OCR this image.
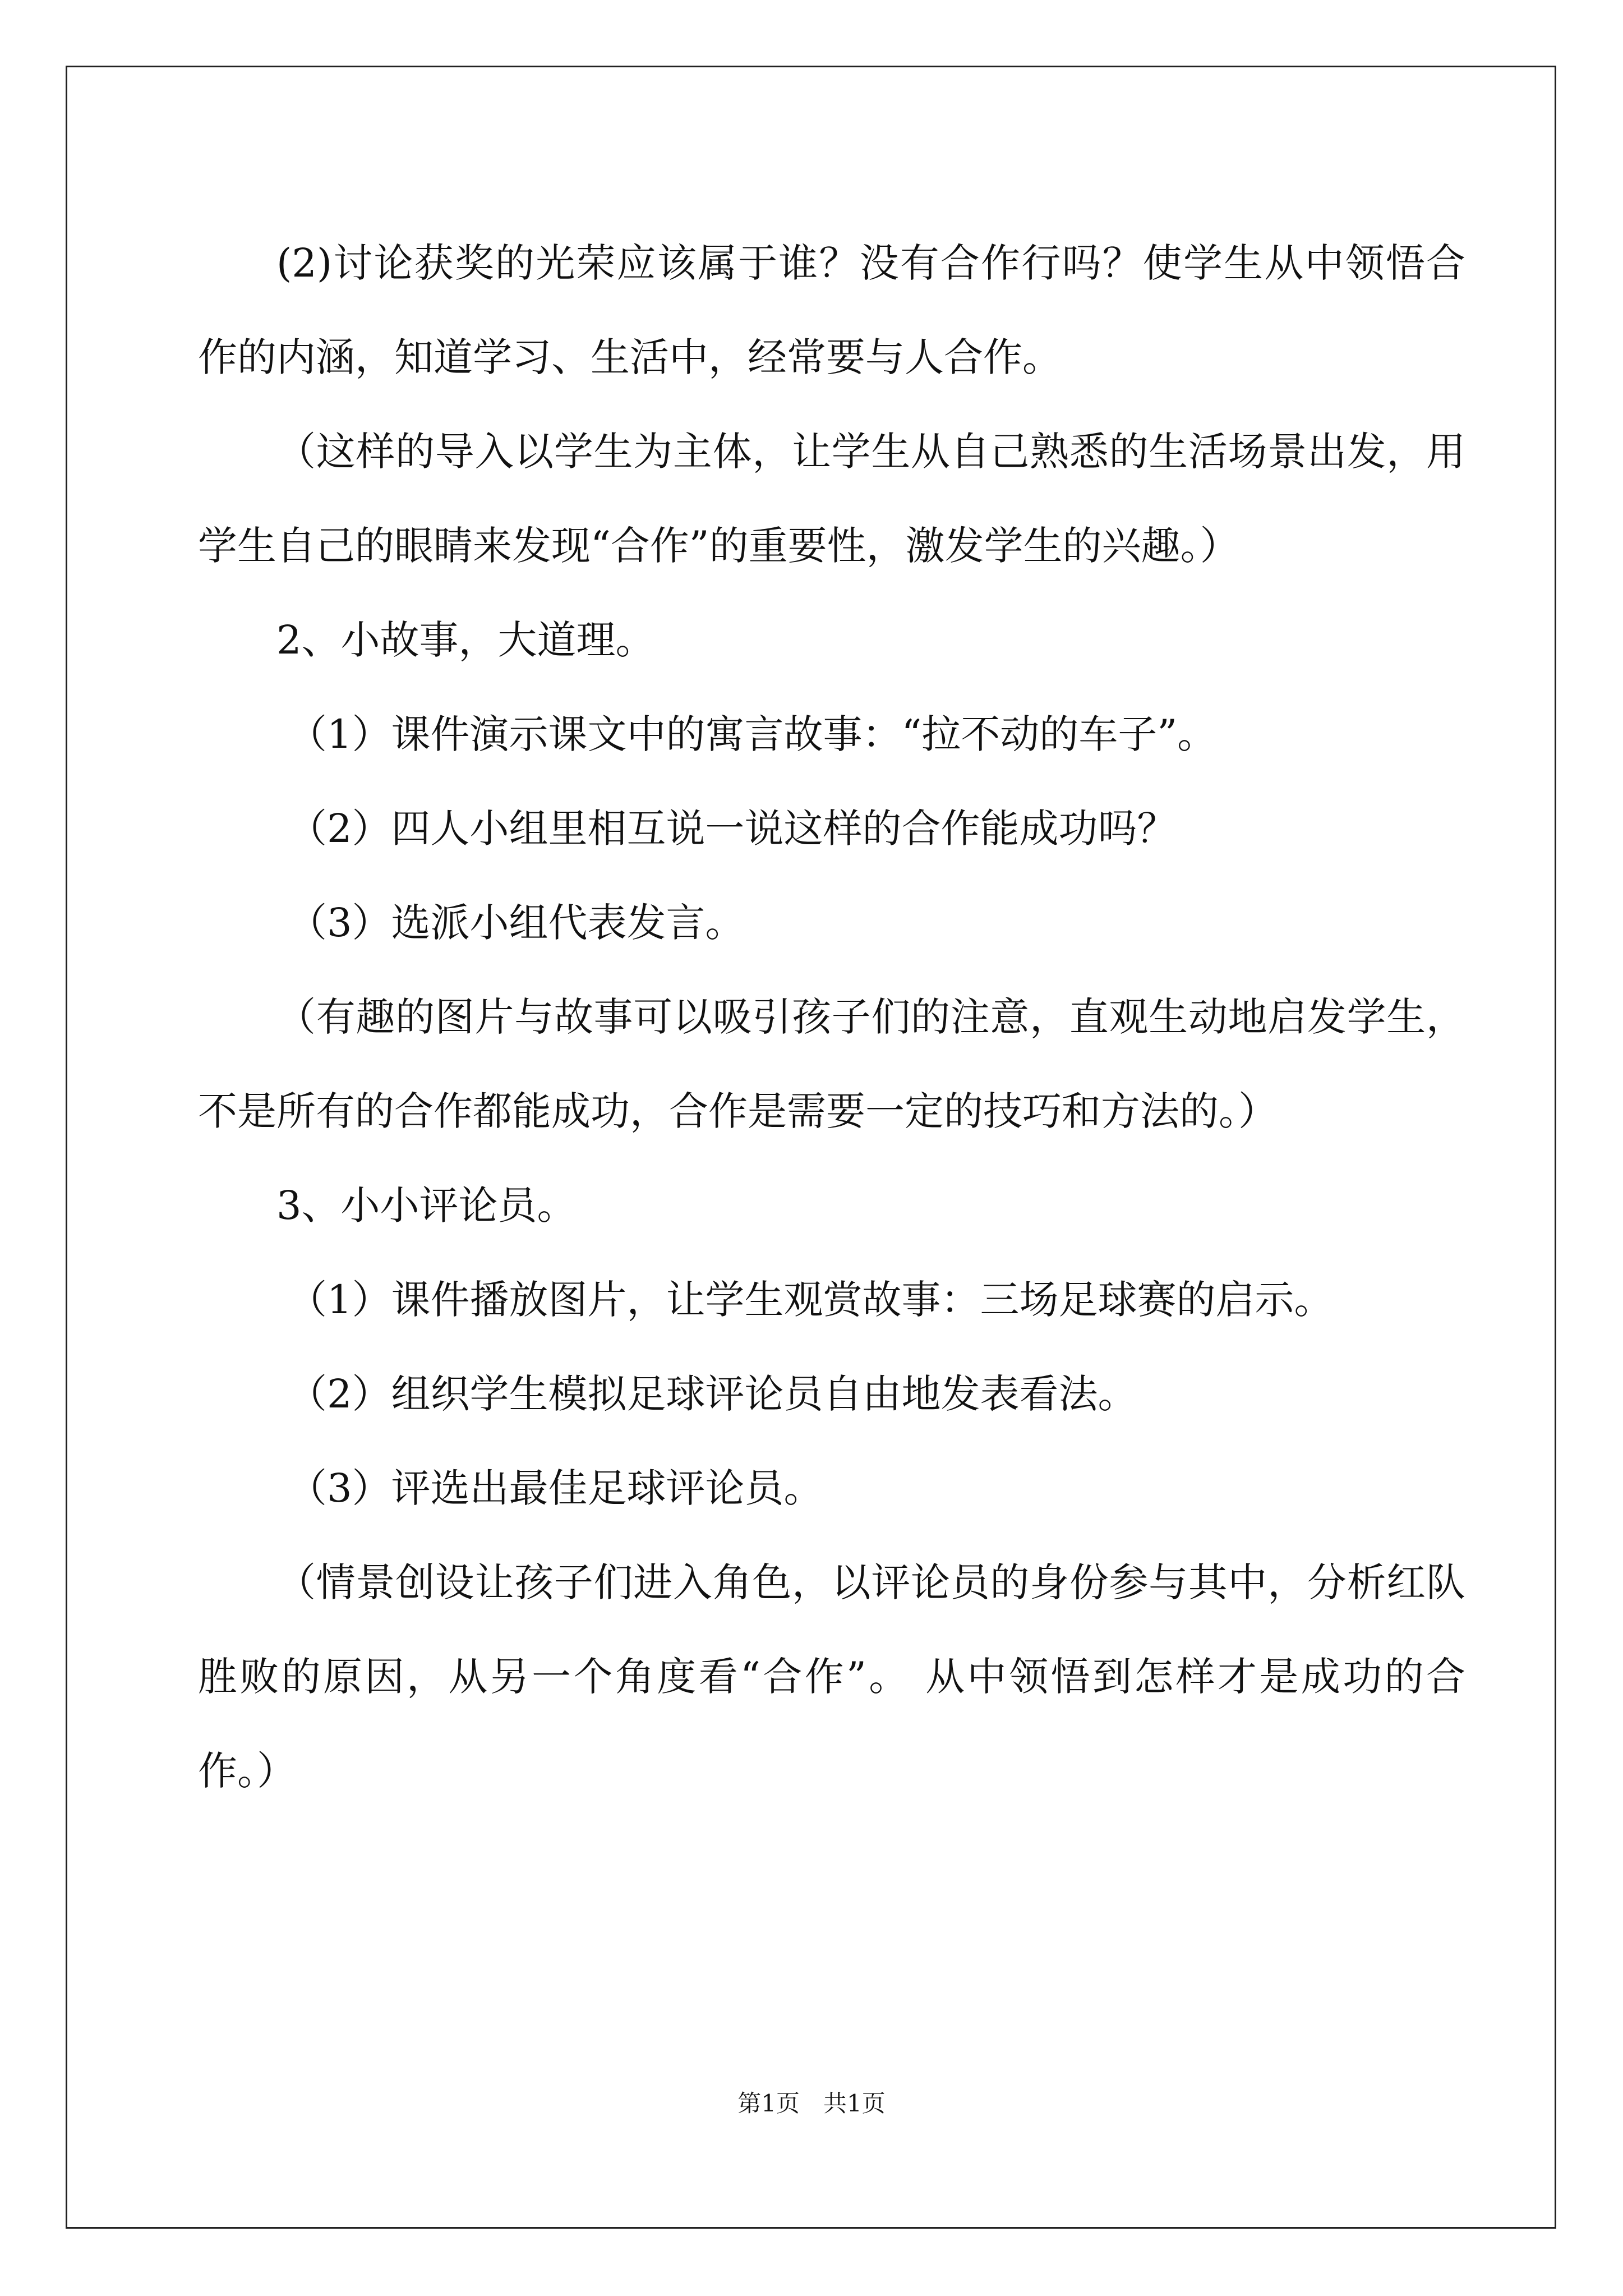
(2)讨论获奖的光荣应该属于谁？没有合作行吗？使学生从中领悟合作的内涵，知道学习、生活中，经常要与人合作。

（这样的导入以学生为主体，让学生从自己熟悉的生活场景出发，用学生自己的眼睛来发现“合作”的重要性，激发学生的兴趣。）

2、小故事，大道理。

（1）课件演示课文中的寓言故事：“拉不动的车子”。

（2）四人小组里相互说一说这样的合作能成功吗？

（3）选派小组代表发言。

（有趣的图片与故事可以吸引孩子们的注意，直观生动地启发学生，不是所有的合作都能成功，合作是需要一定的技巧和方法的。）

3、小小评论员。

（1）课件播放图片，让学生观赏故事：三场足球赛的启示。

（2）组织学生模拟足球评论员自由地发表看法。

（3）评选出最佳足球评论员。

（情景创设让孩子们进入角色，以评论员的身份参与其中，分析红队胜败的原因，从另一个角度看“合作”。 从中领悟到怎样才是成功的合作。）

第1页　共1页
